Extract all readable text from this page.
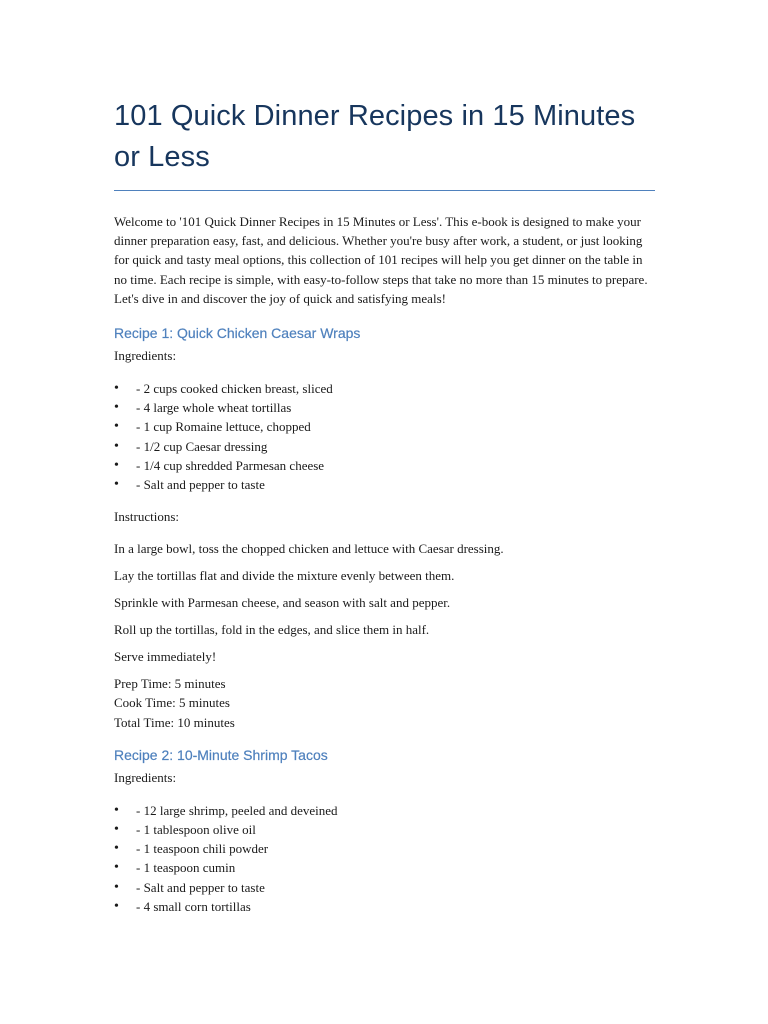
101 Quick Dinner Recipes in 15 Minutes or Less
Welcome to '101 Quick Dinner Recipes in 15 Minutes or Less'. This e-book is designed to make your dinner preparation easy, fast, and delicious. Whether you're busy after work, a student, or just looking for quick and tasty meal options, this collection of 101 recipes will help you get dinner on the table in no time. Each recipe is simple, with easy-to-follow steps that take no more than 15 minutes to prepare. Let's dive in and discover the joy of quick and satisfying meals!
Recipe 1: Quick Chicken Caesar Wraps

Ingredients:

• - 2 cups cooked chicken breast, sliced
• - 4 large whole wheat tortillas
• - 1 cup Romaine lettuce, chopped
• - 1/2 cup Caesar dressing
• - 1/4 cup shredded Parmesan cheese
• - Salt and pepper to taste

Instructions:

In a large bowl, toss the chopped chicken and lettuce with Caesar dressing.

Lay the tortillas flat and divide the mixture evenly between them.

Sprinkle with Parmesan cheese, and season with salt and pepper.

Roll up the tortillas, fold in the edges, and slice them in half.

Serve immediately!

Prep Time: 5 minutes
Cook Time: 5 minutes
Total Time: 10 minutes
Recipe 2: 10-Minute Shrimp Tacos

Ingredients:

• - 12 large shrimp, peeled and deveined
• - 1 tablespoon olive oil
• - 1 teaspoon chili powder
• - 1 teaspoon cumin
• - Salt and pepper to taste
• - 4 small corn tortillas
